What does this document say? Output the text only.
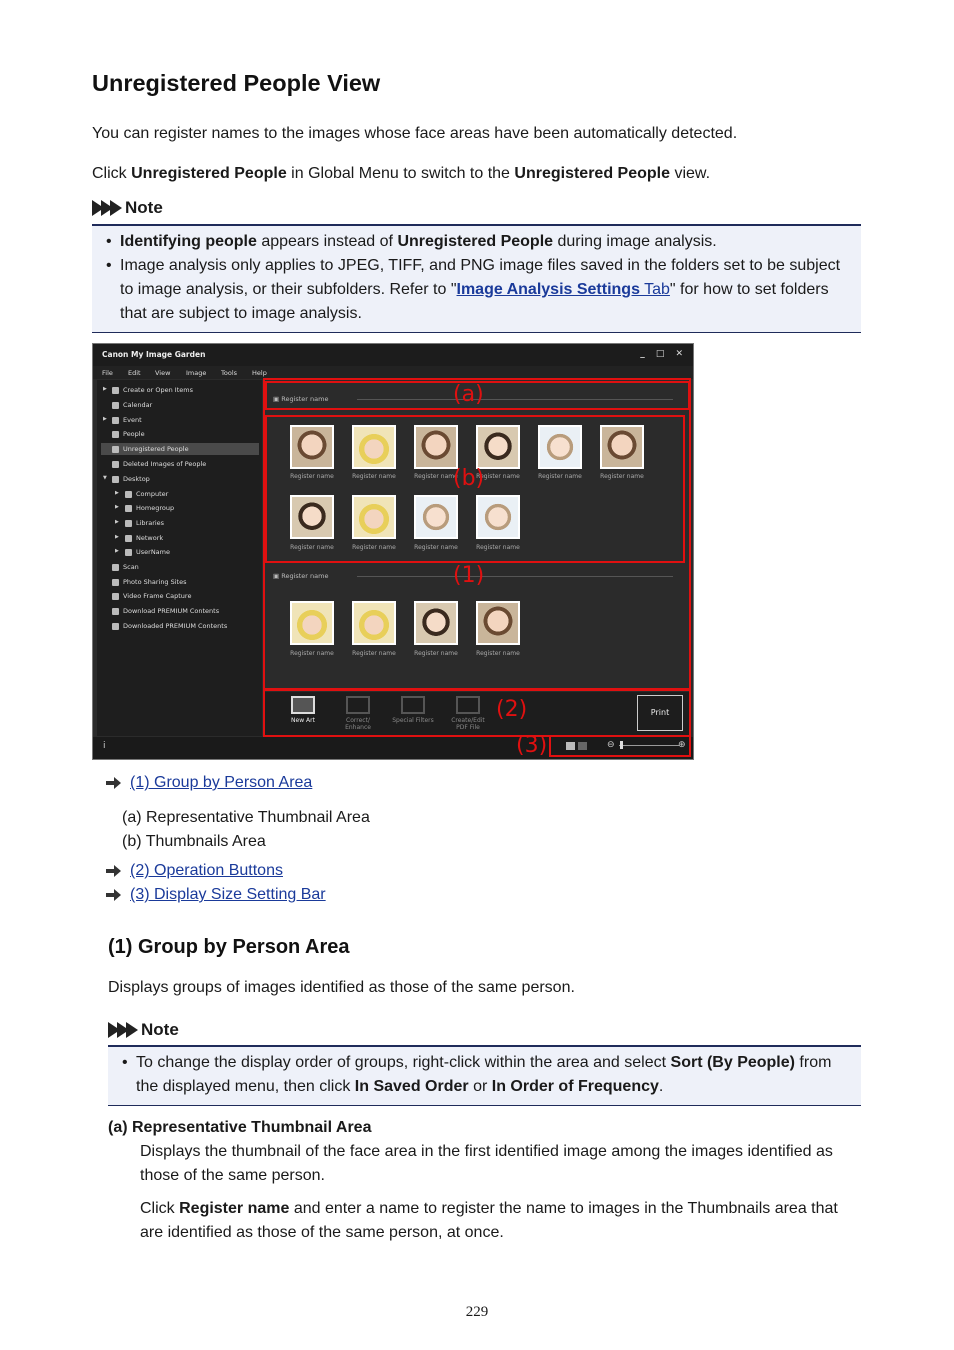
Unregistered People View
You can register names to the images whose face areas have been automatically detected.
Click Unregistered People in Global Menu to switch to the Unregistered People view.
Note
• Identifying people appears instead of Unregistered People during image analysis.
• Image analysis only applies to JPEG, TIFF, and PNG image files saved in the folders set to be subject
to image analysis, or their subfolders. Refer to "Image Analysis Settings Tab" for how to set folders
that are subject to image analysis.
Canon My Image Garden	_ □ ✕
File Edit View Image Tools Help
▶	Create or Open Items
Calendar
▶	Event
People
Unregistered People
Deleted Images of People
▼	Desktop
▶	Computer
▶	Homegroup
▶	Libraries
▶	Network
▶	UserName
Scan
Photo Sharing Sites
Video Frame Capture
Download PREMIUM Contents
Downloaded PREMIUM Contents
▣ Register name
Register name	Register name	Register name	Register name	Register name	Register name
Register name	Register name	Register name	Register name
▣ Register name
Register name	Register name	Register name	Register name
New Art	Correct/ Enhance
Special Filters	Create/Edit PDF File
Print
i	⊖	⊕
(a)
(b)
(1)
(2)
(3)
(1) Group by Person Area
(a) Representative Thumbnail Area
(b) Thumbnails Area
(2) Operation Buttons
(3) Display Size Setting Bar
(1) Group by Person Area
Displays groups of images identified as those of the same person.
Note
• To change the display order of groups, right-click within the area and select Sort (By People) from
the displayed menu, then click In Saved Order or In Order of Frequency.
(a) Representative Thumbnail Area
Displays the thumbnail of the face area in the first identified image among the images identified as
those of the same person.
Click Register name and enter a name to register the name to images in the Thumbnails area that
are identified as those of the same person, at once.
229
